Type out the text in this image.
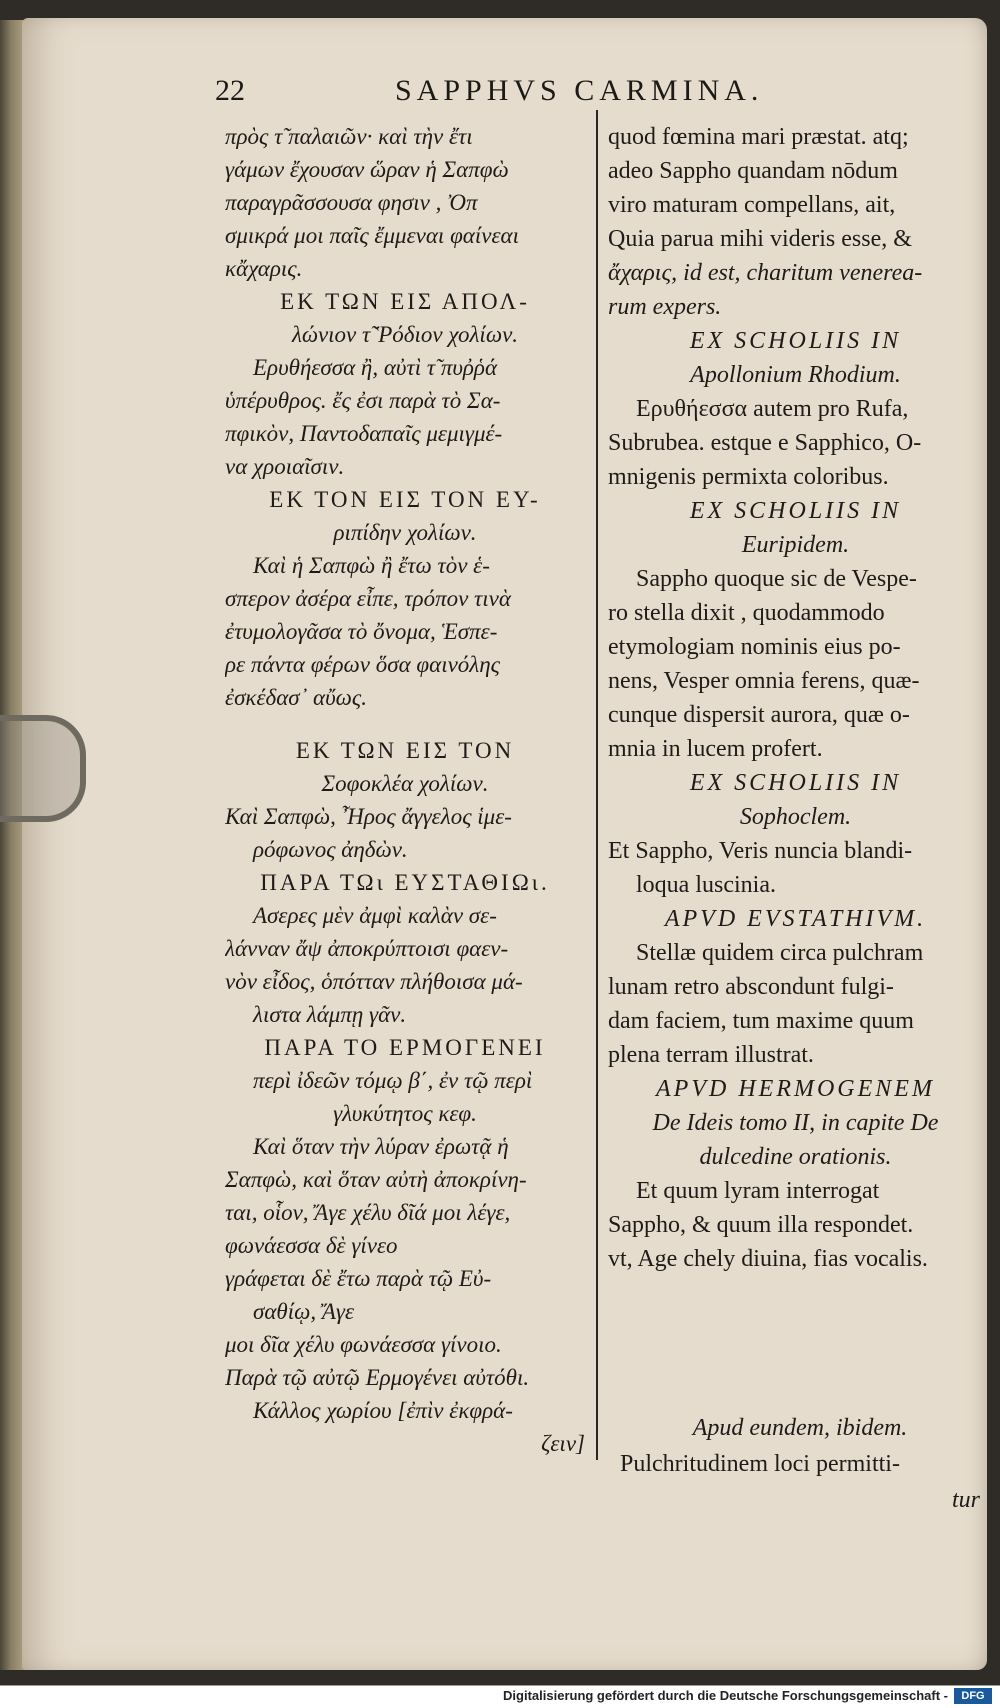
22	SAPPHVS CARMINA.
πρὸς τ̃ παλαιῶν· καὶ τὴν ἔτι
γάμων ἔχουσαν ὥραν ἡ Σαπφὼ
παραγρᾶσσουσα φησιν , Ὀπ
σμικρά μοι παῖς ἔμμεναι φαίνεαι
κἄχαρις.
ΕΚ ΤΩΝ ΕΙΣ ΑΠΟΛ-
λώνιον τ̃ Ῥόδιον χολίων.
Ερυθήεσσα ἢ, αὐτὶ τ̃ πυῤῥά
ὑπέρυθρος. ἔς ἐσι παρὰ τὸ Σα-
πφικὸν, Παντοδαπαῖς μεμιγμέ-
να χροιαῖσιν.
ΕΚ ΤΟΝ ΕΙΣ ΤΟΝ ΕΥ-
ριπίδην χολίων.
Καὶ ἡ Σαπφὼ ἢ ἔτω τὸν ἑ-
σπερον ἀσέρα εἶπε, τρόπον τινὰ
ἐτυμολογᾶσα τὸ ὄνομα, Ἑσπε-
ρε πάντα φέρων ὅσα φαινόλης
ἐσκέδασ᾽ αὔως.
ΕΚ ΤΩΝ ΕΙΣ ΤΟΝ
Σοφοκλέα χολίων.
Καὶ Σαπφὼ, Ἦρος ἄγγελος ἱμε-
ρόφωνος ἀηδὼν.
ΠΑΡΑ ΤΩι ΕΥΣΤΑΘΙΩι.
Ασερες μὲν ἀμφὶ καλὰν σε-
λάνναν ἄψ ἀποκρύπτοισι φαεν-
νὸν εἶδος, ὁπότταν πλήθοισα μά-
λιστα λάμπῃ γᾶν.
ΠΑΡΑ ΤΟ ΕΡΜΟΓΕΝΕΙ
περὶ ἰδεῶν τόμῳ β΄, ἐν τῷ περὶ
γλυκύτητος κεφ.
Καὶ ὅταν τὴν λύραν ἐρωτᾷ ἡ
Σαπφὼ, καὶ ὅταν αὐτὴ ἀποκρίνη-
ται, οἷον, Ἄγε χέλυ δῖά μοι λέγε,
φωνάεσσα δὲ γίνεο
γράφεται δὲ ἔτω παρὰ τῷ Εὐ-
σαθίῳ, Ἄγε
μοι δῖα χέλυ φωνάεσσα γίνοιο.
Παρὰ τῷ αὐτῷ Ερμογένει αὐτόθι.
Κάλλος χωρίου [ἐπὶν ἐκφρά-
ζειν]
quod fœmina mari præstat. atq;
adeo Sappho quandam nōdum
viro maturam compellans, ait,
Quia parua mihi videris esse, &
ἄχαρις, id est, charitum venerea-
rum expers.
EX SCHOLIIS IN
Apollonium Rhodium.
Ερυθήεσσα autem pro Rufa,
Subrubea. estque e Sapphico, O-
mnigenis permixta coloribus.
EX SCHOLIIS IN
Euripidem.
Sappho quoque sic de Vespe-
ro stella dixit , quodammodo
etymologiam nominis eius po-
nens, Vesper omnia ferens, quæ-
cunque dispersit aurora, quæ o-
mnia in lucem profert.
EX SCHOLIIS IN
Sophoclem.
Et Sappho, Veris nuncia blandi-
loqua luscinia.
APVD EVSTATHIVM.
Stellæ quidem circa pulchram
lunam retro abscondunt fulgi-
dam faciem, tum maxime quum
plena terram illustrat.
APVD HERMOGENEM
De Ideis tomo II, in capite De
dulcedine orationis.
Et quum lyram interrogat
Sappho, & quum illa respondet.
vt, Age chely diuina, fias vocalis.
Apud eundem, ibidem.
Pulchritudinem loci permitti-
tur
Digitalisierung gefördert durch die Deutsche Forschungsgemeinschaft -	DFG
